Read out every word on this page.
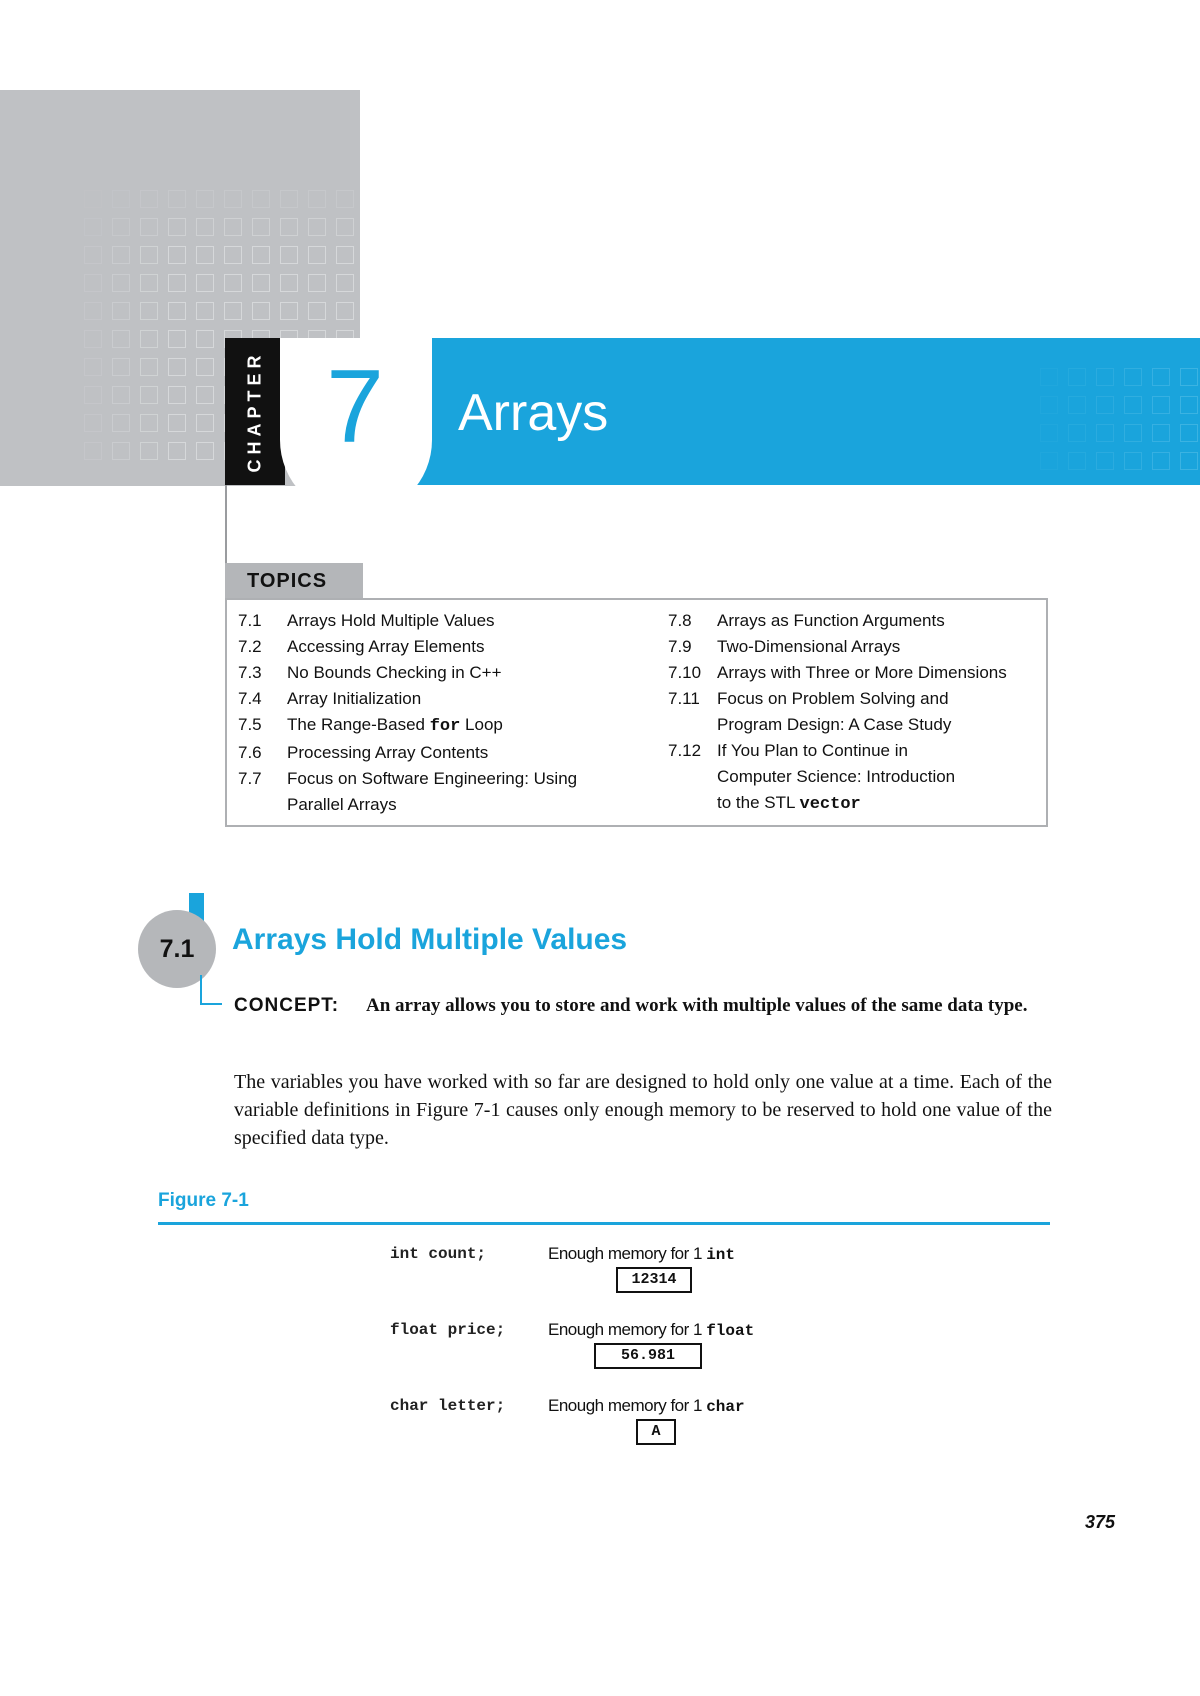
CHAPTER 7	Arrays
TOPICS
7.1	Arrays Hold Multiple Values
7.2	Accessing Array Elements
7.3	No Bounds Checking in C++
7.4	Array Initialization
7.5	The Range-Based for Loop
7.6	Processing Array Contents
7.7	Focus on Software Engineering: Using
Parallel Arrays
7.8	Arrays as Function Arguments
7.9	Two-Dimensional Arrays
7.10 Arrays with Three or More Dimensions
7.11	Focus on Problem Solving and
Program Design: A Case Study
7.12 If You Plan to Continue in
Computer Science: Introduction
to the STL vector
7.1	Arrays Hold Multiple Values
CONCEPT: An array allows you to store and work with multiple values of the same data type.
The variables you have worked with so far are designed to hold only one value at a time. Each of the variable definitions in Figure 7-1 causes only enough memory to be reserved to hold one value of the specified data type.
Figure 7-1
int count;	Enough memory for 1 int
12314
float price;	Enough memory for 1 float
56.981
char letter;	Enough memory for 1 char
A
375
